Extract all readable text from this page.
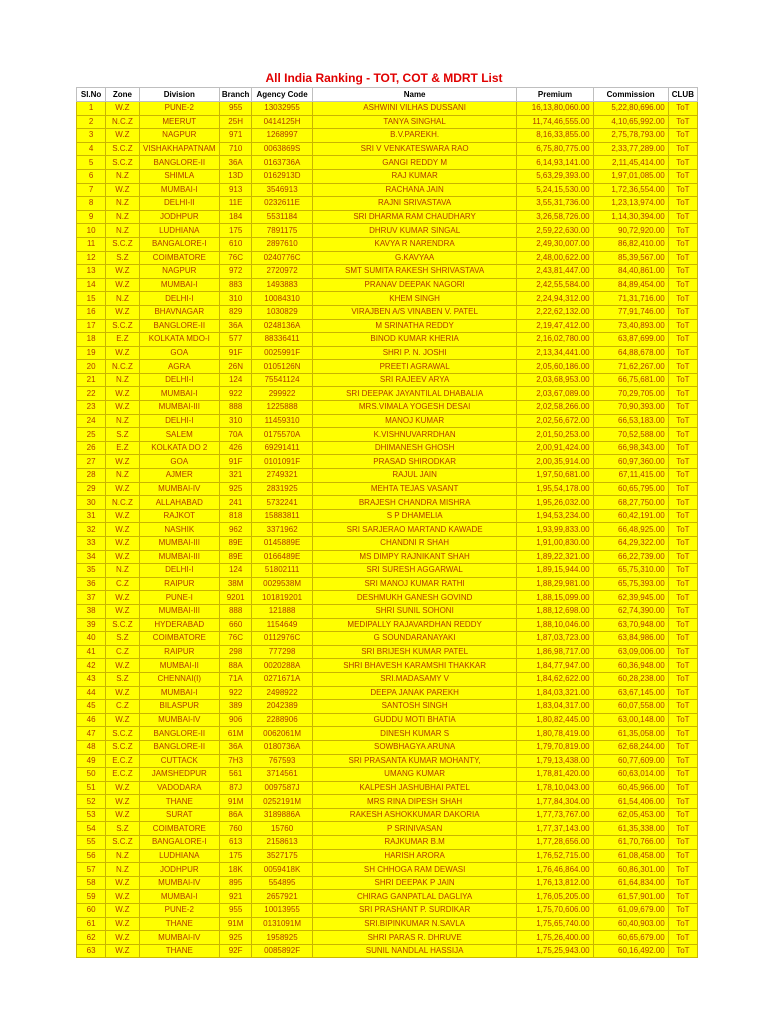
All India Ranking - TOT, COT & MDRT List
Sl.No	Zone	Division	Branch	Agency Code	Name	Premium	Commission	CLUB
1	W.Z	PUNE-2	955	13032955	ASHWINI VILHAS DUSSANI	16,13,80,060.00	5,22,80,696.00	ToT
2	N.C.Z	MEERUT	25H	0414125H	TANYA SINGHAL	11,74,46,555.00	4,10,65,992.00	ToT
3	W.Z	NAGPUR	971	1268997	B.V.PAREKH.	8,16,33,855.00	2,75,78,793.00	ToT
4	S.C.Z	VISHAKHAPATNAM	710	0063869S	SRI V VENKATESWARA RAO	6,75,80,775.00	2,33,77,289.00	ToT
5	S.C.Z	BANGLORE-II	36A	0163736A	GANGI REDDY M	6,14,93,141.00	2,11,45,414.00	ToT
6	N.Z	SHIMLA	13D	0162913D	RAJ KUMAR	5,63,29,393.00	1,97,01,085.00	ToT
7	W.Z	MUMBAI-I	913	3546913	RACHANA JAIN	5,24,15,530.00	1,72,36,554.00	ToT
8	N.Z	DELHI-II	11E	0232611E	RAJNI SRIVASTAVA	3,55,31,736.00	1,23,13,974.00	ToT
9	N.Z	JODHPUR	184	5531184	SRI DHARMA RAM CHAUDHARY	3,26,58,726.00	1,14,30,394.00	ToT
10	N.Z	LUDHIANA	175	7891175	DHRUV KUMAR SINGAL	2,59,22,630.00	90,72,920.00	ToT
11	S.C.Z	BANGALORE-I	610	2897610	KAVYA R NARENDRA	2,49,30,007.00	86,82,410.00	ToT
12	S.Z	COIMBATORE	76C	0240776C	G.KAVYAA	2,48,00,622.00	85,39,567.00	ToT
13	W.Z	NAGPUR	972	2720972	SMT SUMITA RAKESH SHRIVASTAVA	2,43,81,447.00	84,40,861.00	ToT
14	W.Z	MUMBAI-I	883	1493883	PRANAV DEEPAK NAGORI	2,42,55,584.00	84,89,454.00	ToT
15	N.Z	DELHI-I	310	10084310	KHEM SINGH	2,24,94,312.00	71,31,716.00	ToT
16	W.Z	BHAVNAGAR	829	1030829	VIRAJBEN A/S VINABEN V. PATEL	2,22,62,132.00	77,91,746.00	ToT
17	S.C.Z	BANGLORE-II	36A	0248136A	M SRINATHA REDDY	2,19,47,412.00	73,40,893.00	ToT
18	E.Z	KOLKATA MDO-I	577	88336411	BINOD KUMAR KHERIA	2,16,02,780.00	63,87,699.00	ToT
19	W.Z	GOA	91F	0025991F	SHRI P. N. JOSHI	2,13,34,441.00	64,88,678.00	ToT
20	N.C.Z	AGRA	26N	0105126N	PREETI AGRAWAL	2,05,60,186.00	71,62,267.00	ToT
21	N.Z	DELHI-I	124	75541124	SRI RAJEEV ARYA	2,03,68,953.00	66,75,681.00	ToT
22	W.Z	MUMBAI-I	922	299922	SRI DEEPAK JAYANTILAL DHABALIA	2,03,67,089.00	70,29,705.00	ToT
23	W.Z	MUMBAI-III	888	1225888	MRS.VIMALA YOGESH DESAI	2,02,58,266.00	70,90,393.00	ToT
24	N.Z	DELHI-I	310	11459310	MANOJ KUMAR	2,02,56,672.00	66,53,183.00	ToT
25	S.Z	SALEM	70A	0175570A	K.VISHNUVARRDHAN	2,01,50,253.00	70,52,588.00	ToT
26	E.Z	KOLKATA DO 2	426	69291411	DHIMANESH GHOSH	2,00,91,424.00	66,98,343.00	ToT
27	W.Z	GOA	91F	0101091F	PRASAD SHIRODKAR	2,00,35,914.00	60,97,360.00	ToT
28	N.Z	AJMER	321	2749321	RAJUL JAIN	1,97,50,681.00	67,11,415.00	ToT
29	W.Z	MUMBAI-IV	925	2831925	MEHTA TEJAS VASANT	1,95,54,178.00	60,65,795.00	ToT
30	N.C.Z	ALLAHABAD	241	5732241	BRAJESH CHANDRA MISHRA	1,95,26,032.00	68,27,750.00	ToT
31	W.Z	RAJKOT	818	15883811	S P DHAMELIA	1,94,53,234.00	60,42,191.00	ToT
32	W.Z	NASHIK	962	3371962	SRI SARJERAO MARTAND KAWADE	1,93,99,833.00	66,48,925.00	ToT
33	W.Z	MUMBAI-III	89E	0145889E	CHANDNI R SHAH	1,91,00,830.00	64,29,322.00	ToT
34	W.Z	MUMBAI-III	89E	0166489E	MS DIMPY RAJNIKANT SHAH	1,89,22,321.00	66,22,739.00	ToT
35	N.Z	DELHI-I	124	51802111	SRI SURESH AGGARWAL	1,89,15,944.00	65,75,310.00	ToT
36	C.Z	RAIPUR	38M	0029538M	SRI MANOJ KUMAR RATHI	1,88,29,981.00	65,75,393.00	ToT
37	W.Z	PUNE-I	9201	101819201	DESHMUKH GANESH GOVIND	1,88,15,099.00	62,39,945.00	ToT
38	W.Z	MUMBAI-III	888	121888	SHRI SUNIL SOHONI	1,88,12,698.00	62,74,390.00	ToT
39	S.C.Z	HYDERABAD	660	1154649	MEDIPALLY RAJAVARDHAN REDDY	1,88,10,046.00	63,70,948.00	ToT
40	S.Z	COIMBATORE	76C	0112976C	G SOUNDARANAYAKI	1,87,03,723.00	63,84,986.00	ToT
41	C.Z	RAIPUR	298	777298	SRI BRIJESH KUMAR PATEL	1,86,98,717.00	63,09,006.00	ToT
42	W.Z	MUMBAI-II	88A	0020288A	SHRI BHAVESH KARAMSHI THAKKAR	1,84,77,947.00	60,36,948.00	ToT
43	S.Z	CHENNAI(I)	71A	0271671A	SRI.MADASAMY V	1,84,62,622.00	60,28,238.00	ToT
44	W.Z	MUMBAI-I	922	2498922	DEEPA JANAK PAREKH	1,84,03,321.00	63,67,145.00	ToT
45	C.Z	BILASPUR	389	2042389	SANTOSH SINGH	1,83,04,317.00	60,07,558.00	ToT
46	W.Z	MUMBAI-IV	906	2288906	GUDDU MOTI BHATIA	1,80,82,445.00	63,00,148.00	ToT
47	S.C.Z	BANGLORE-II	61M	0062061M	DINESH KUMAR S	1,80,78,419.00	61,35,058.00	ToT
48	S.C.Z	BANGLORE-II	36A	0180736A	SOWBHAGYA ARUNA	1,79,70,819.00	62,68,244.00	ToT
49	E.C.Z	CUTTACK	7H3	767593	SRI PRASANTA KUMAR MOHANTY,	1,79,13,438.00	60,77,609.00	ToT
50	E.C.Z	JAMSHEDPUR	561	3714561	UMANG KUMAR	1,78,81,420.00	60,63,014.00	ToT
51	W.Z	VADODARA	87J	0097587J	KALPESH JASHUBHAI PATEL	1,78,10,043.00	60,45,966.00	ToT
52	W.Z	THANE	91M	0252191M	MRS RINA DIPESH SHAH	1,77,84,304.00	61,54,406.00	ToT
53	W.Z	SURAT	86A	3189886A	RAKESH ASHOKKUMAR DAKORIA	1,77,73,767.00	62,05,453.00	ToT
54	S.Z	COIMBATORE	760	15760	P SRINIVASAN	1,77,37,143.00	61,35,338.00	ToT
55	S.C.Z	BANGALORE-I	613	2158613	RAJKUMAR B.M	1,77,28,656.00	61,70,766.00	ToT
56	N.Z	LUDHIANA	175	3527175	HARISH ARORA	1,76,52,715.00	61,08,458.00	ToT
57	N.Z	JODHPUR	18K	0059418K	SH CHHOGA RAM DEWASI	1,76,46,864.00	60,86,301.00	ToT
58	W.Z	MUMBAI-IV	895	554895	SHRI DEEPAK P JAIN	1,76,13,812.00	61,64,834.00	ToT
59	W.Z	MUMBAI-I	921	2657921	CHIRAG GANPATLAL DAGLIYA	1,76,05,205.00	61,57,901.00	ToT
60	W.Z	PUNE-2	955	10013955	SRI PRASHANT P. SURDIKAR	1,75,70,606.00	61,09,679.00	ToT
61	W.Z	THANE	91M	0131091M	SRI.BIPINKUMAR N.SAVLA	1,75,65,740.00	60,40,903.00	ToT
62	W.Z	MUMBAI-IV	925	1958925	SHRI PARAS R. DHRUVE	1,75,26,400.00	60,65,679.00	ToT
63	W.Z	THANE	92F	0085892F	SUNIL NANDLAL HASSIJA	1,75,25,943.00	60,16,492.00	ToT
